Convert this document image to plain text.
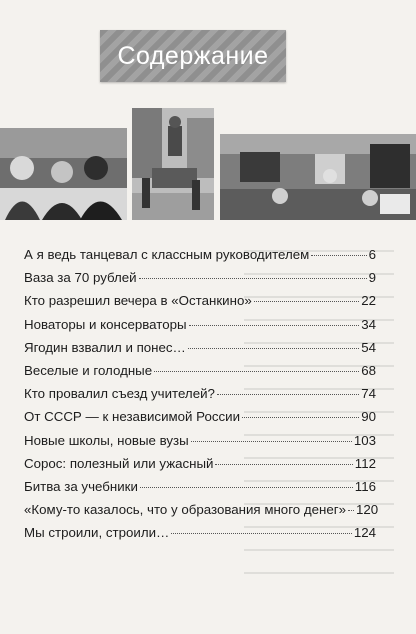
Содержание
А я ведь танцевал с классным руководителем	6
Ваза за 70 рублей	9
Кто разрешил вечера в «Останкино»	22
Новаторы и консерваторы	34
Ягодин взвалил и понес…	54
Веселые и голодные	68
Кто провалил съезд учителей?	74
От СССР — к независимой России	90
Новые школы, новые вузы	103
Сорос: полезный или ужасный	112
Битва за учебники	116
«Кому-то казалось, что у образования много денег» 120
Мы строили, строили…	124
